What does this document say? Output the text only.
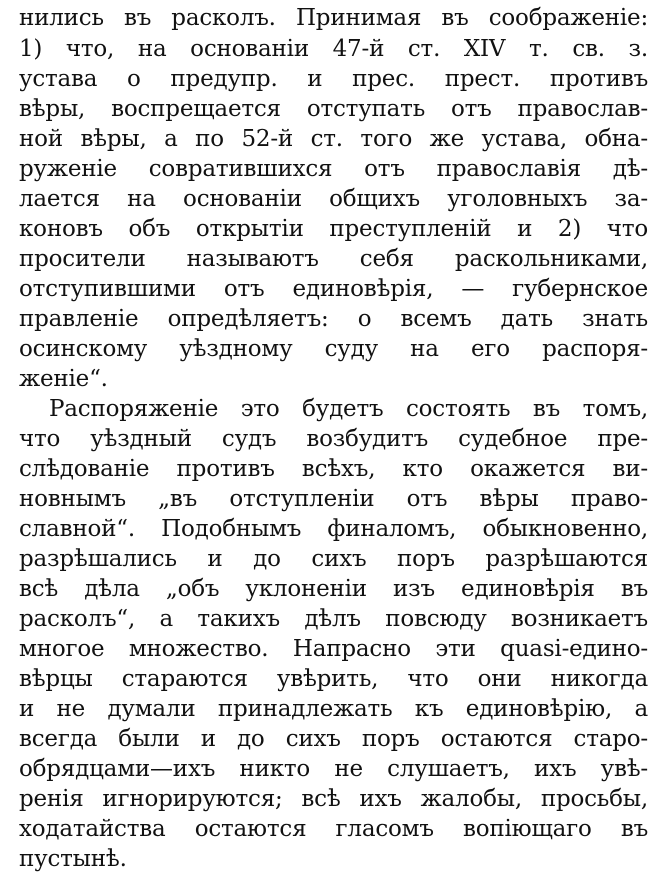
нились въ расколъ. Принимая въ соображенie:
1) что, на основанiи 47-й ст. XIV т. св. з.
устава о предупр. и прес. прест. противъ
вѣры, воспрещается отступать отъ православ-
ной вѣры, а по 52-й ст. того же устава, обна-
руженie совратившихся отъ православiя дѣ-
лается на основанiи общихъ уголовныхъ за-
коновъ объ открытiи преступленiй и 2) что
просители называютъ себя раскольниками,
отступившими отъ единовѣрiя, — губернское
правленie опредѣляетъ: о всемъ дать знать
осинскому уѣздному суду на его распоря-
женie“.
Распоряженie это будетъ состоять въ томъ,
что уѣздный судъ возбудитъ судебное пре-
слѣдованie противъ всѣхъ, кто окажется ви-
новнымъ „въ отступленiи отъ вѣры право-
славной“. Подобнымъ финаломъ, обыкновенно,
разрѣшались и до сихъ поръ разрѣшаются
всѣ дѣла „объ уклоненiи изъ единовѣрiя въ
расколъ“, а такихъ дѣлъ повсюду возникаетъ
многое множество. Напрасно эти quasi-едино-
вѣрцы стараются увѣрить, что они никогда
и не думали принадлежать къ единовѣрiю, а
всегда были и до сихъ поръ остаются старо-
обрядцами—ихъ никто не слушаетъ, ихъ увѣ-
ренiя игнорируются; всѣ ихъ жалобы, просьбы,
ходатайства остаются гласомъ вопiющаго въ
пустынѣ.
